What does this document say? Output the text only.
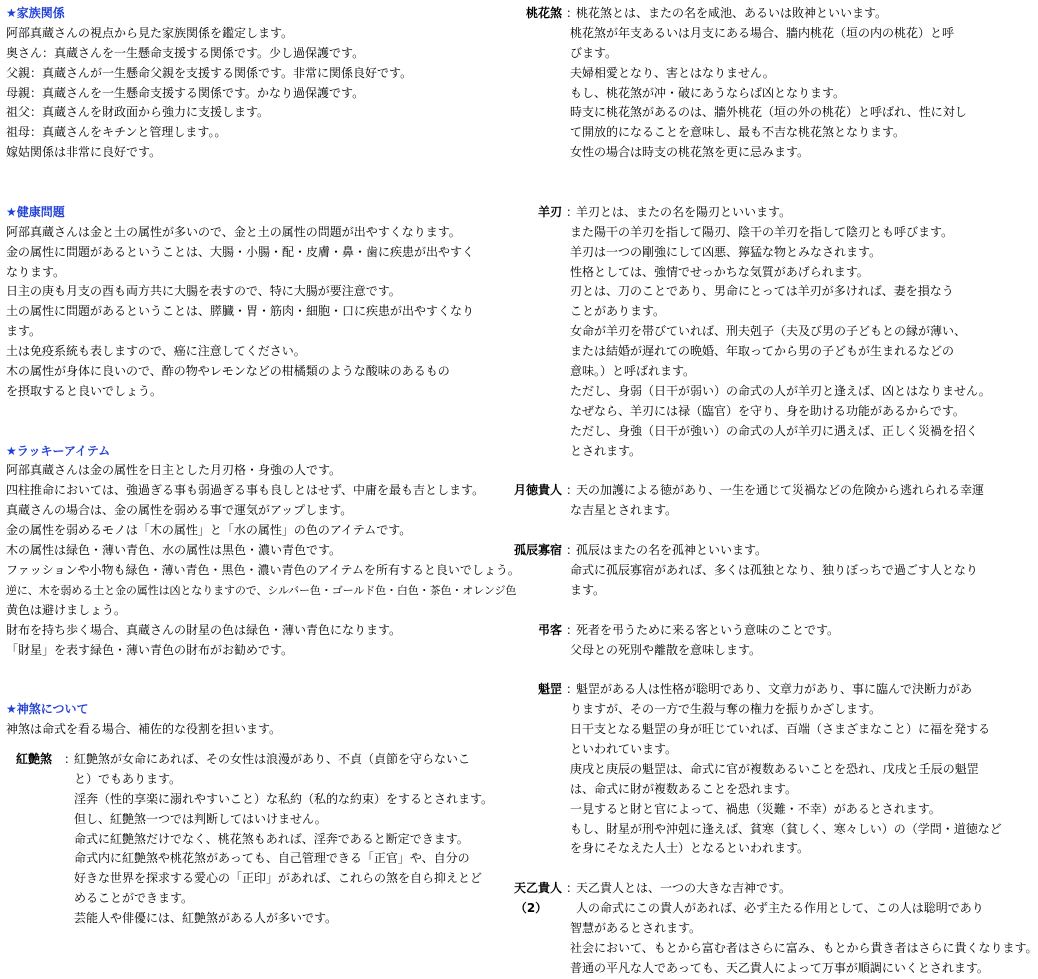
★家族関係
阿部真蔵さんの視点から見た家族関係を鑑定します。
奥さん：真蔵さんを一生懸命支援する関係です。少し過保護です。
父親：真蔵さんが一生懸命父親を支援する関係です。非常に関係良好です。
母親：真蔵さんを一生懸命支援する関係です。かなり過保護です。
祖父：真蔵さんを財政面から強力に支援します。
祖母：真蔵さんをキチンと管理します。。
嫁姑関係は非常に良好です。
★健康問題
阿部真蔵さんは金と土の属性が多いので、金と土の属性の問題が出やすくなります。
金の属性に問題があるということは、大腸・小腸・配・皮膚・鼻・歯に疾患が出やすく
なります。
日主の庚も月支の酉も両方共に大腸を表すので、特に大腸が要注意です。
土の属性に問題があるということは、膵臓・胃・筋肉・細胞・口に疾患が出やすくなり
ます。
土は免疫系統も表しますので、癌に注意してください。
木の属性が身体に良いので、酢の物やレモンなどの柑橘類のような酸味のあるもの
を摂取すると良いでしょう。
★ラッキーアイテム
阿部真蔵さんは金の属性を日主とした月刃格・身強の人です。
四柱推命においては、強過ぎる事も弱過ぎる事も良しとはせず、中庸を最も吉とします。
真蔵さんの場合は、金の属性を弱める事で運気がアップします。
金の属性を弱めるモノは「木の属性」と「水の属性」の色のアイテムです。
木の属性は緑色・薄い青色、水の属性は黒色・濃い青色です。
ファッションや小物も緑色・薄い青色・黒色・濃い青色のアイテムを所有すると良いでしょう。
逆に、木を弱める土と金の属性は凶となりますので、シルバー色・ゴールド色・白色・茶色・オレンジ色
黄色は避けましょう。
財布を持ち歩く場合、真蔵さんの財星の色は緑色・薄い青色になります。
「財星」を表す緑色・薄い青色の財布がお勧めです。
★神煞について
神煞は命式を看る場合、補佐的な役割を担います。
紅艶煞 ：
紅艶煞が女命にあれば、その女性は浪漫があり、不貞（貞節を守らないこ
と）でもあります。
淫奔（性的享楽に溺れやすいこと）な私約（私的な約束）をするとされます。
但し、紅艶煞一つでは判断してはいけません。
命式に紅艶煞だけでなく、桃花煞もあれば、淫奔であると断定できます。
命式内に紅艶煞や桃花煞があっても、自己管理できる「正官」や、自分の
好きな世界を探求する愛心の「正印」があれば、これらの煞を自ら抑えとど
めることができます。
芸能人や俳優には、紅艶煞がある人が多いです。
桃花煞 ：
桃花煞とは、またの名を咸池、あるいは敗神といいます。
桃花煞が年支あるいは月支にある場合、牆内桃花（垣の内の桃花）と呼
びます。
夫婦相愛となり、害とはなりません。
もし、桃花煞が冲・破にあうならば凶となります。
時支に桃花煞があるのは、牆外桃花（垣の外の桃花）と呼ばれ、性に対し
て開放的になることを意味し、最も不吉な桃花煞となります。
女性の場合は時支の桃花煞を更に忌みます。
羊刃 ：
羊刃とは、またの名を陽刃といいます。
また陽干の羊刃を指して陽刃、陰干の羊刃を指して陰刃とも呼びます。
羊刃は一つの剛強にして凶悪、獰猛な物とみなされます。
性格としては、強情でせっかちな気質があげられます。
刃とは、刀のことであり、男命にとっては羊刃が多ければ、妻を損なう
ことがあります。
女命が羊刃を帯びていれば、刑夫剋子（夫及び男の子どもとの縁が薄い、
または結婚が遅れての晩婚、年取ってから男の子どもが生まれるなどの
意味。）と呼ばれます。
ただし、身弱（日干が弱い）の命式の人が羊刃と逢えば、凶とはなりません。
なぜなら、羊刃には禄（臨官）を守り、身を助ける功能があるからです。
ただし、身強（日干が強い）の命式の人が羊刃に遇えば、正しく災禍を招く
とされます。
月徳貴人 ：
天の加護による徳があり、一生を通じて災禍などの危険から逃れられる幸運
な吉星とされます。
孤辰寡宿 ：
孤辰はまたの名を孤神といいます。
命式に孤辰寡宿があれば、多くは孤独となり、独りぼっちで過ごす人となり
ます。
弔客 ：
死者を弔うために来る客という意味のことです。
父母との死別や離散を意味します。
魁罡 ：
魁罡がある人は性格が聡明であり、文章力があり、事に臨んで決断力があ
りますが、その一方で生殺与奪の権力を振りかざします。
日干支となる魁罡の身が旺じていれば、百端（さまざまなこと）に福を発する
といわれています。
庚戌と庚辰の魁罡は、命式に官が複数あるいことを恐れ、戊戌と壬辰の魁罡
は、命式に財が複数あることを恐れます。
一見すると財と官によって、禍患（災難・不幸）があるとされます。
もし、財星が刑や沖剋に逢えば、貧寒（貧しく、寒々しい）の（学問・道徳など
を身にそなえた人士）となるといわれます。
天乙貴人 ：
天乙貴人とは、一つの大きな吉神です。
（2）	人の命式にこの貴人があれば、必ず主たる作用として、この人は聡明であり
智慧があるとされます。
社会において、もとから富む者はさらに富み、もとから貴き者はさらに貴くなります。
普通の平凡な人であっても、天乙貴人によって万事が順調にいくとされます。
